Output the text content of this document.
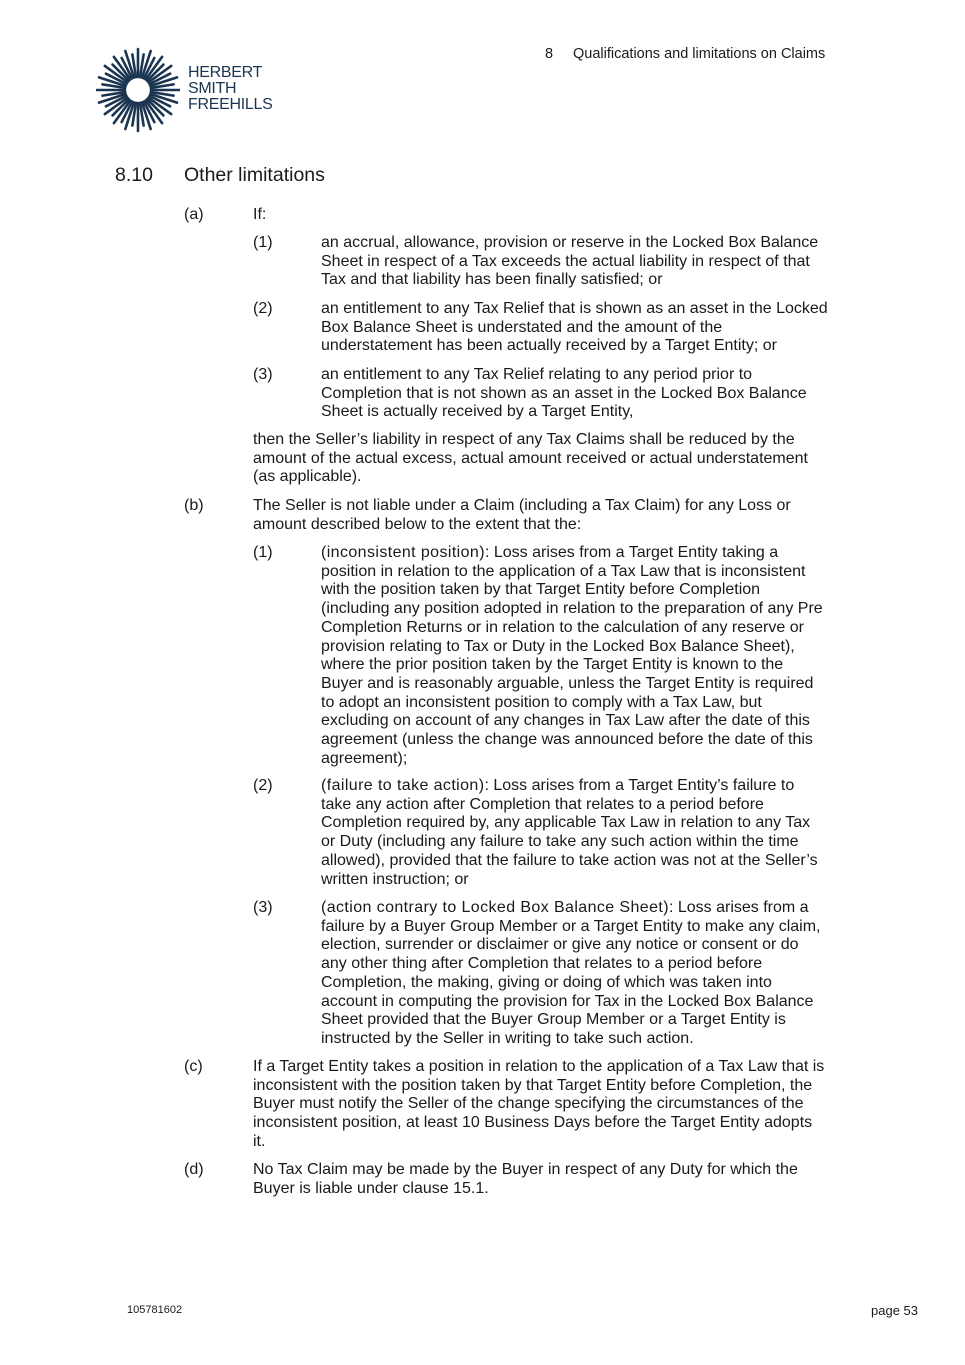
HERBERT
SMITH
FREEHILLS
8 Qualifications and limitations on Claims
8.10 Other limitations
(a)	If:
(1)	an accrual, allowance, provision or reserve in the Locked Box Balance Sheet in respect of a Tax exceeds the actual liability in respect of that Tax and that liability has been finally satisfied; or
(2)	an entitlement to any Tax Relief that is shown as an asset in the Locked Box Balance Sheet is understated and the amount of the understatement has been actually received by a Target Entity; or
(3)	an entitlement to any Tax Relief relating to any period prior to Completion that is not shown as an asset in the Locked Box Balance Sheet is actually received by a Target Entity,
then the Seller’s liability in respect of any Tax Claims shall be reduced by the amount of the actual excess, actual amount received or actual understatement (as applicable).
(b)	The Seller is not liable under a Claim (including a Tax Claim) for any Loss or amount described below to the extent that the:
(1)	(inconsistent position): Loss arises from a Target Entity taking a position in relation to the application of a Tax Law that is inconsistent with the position taken by that Target Entity before Completion (including any position adopted in relation to the preparation of any Pre Completion Returns or in relation to the calculation of any reserve or provision relating to Tax or Duty in the Locked Box Balance Sheet), where the prior position taken by the Target Entity is known to the Buyer and is reasonably arguable, unless the Target Entity is required to adopt an inconsistent position to comply with a Tax Law, but excluding on account of any changes in Tax Law after the date of this agreement (unless the change was announced before the date of this agreement);
(2)	(failure to take action): Loss arises from a Target Entity’s failure to take any action after Completion that relates to a period before Completion required by, any applicable Tax Law in relation to any Tax or Duty (including any failure to take any such action within the time allowed), provided that the failure to take action was not at the Seller’s written instruction; or
(3)	(action contrary to Locked Box Balance Sheet): Loss arises from a failure by a Buyer Group Member or a Target Entity to make any claim, election, surrender or disclaimer or give any notice or consent or do any other thing after Completion that relates to a period before Completion, the making, giving or doing of which was taken into account in computing the provision for Tax in the Locked Box Balance Sheet provided that the Buyer Group Member or a Target Entity is instructed by the Seller in writing to take such action.
(c)	If a Target Entity takes a position in relation to the application of a Tax Law that is inconsistent with the position taken by that Target Entity before Completion, the Buyer must notify the Seller of the change specifying the circumstances of the inconsistent position, at least 10 Business Days before the Target Entity adopts it.
(d)	No Tax Claim may be made by the Buyer in respect of any Duty for which the Buyer is liable under clause 15.1.
105781602	page 53
